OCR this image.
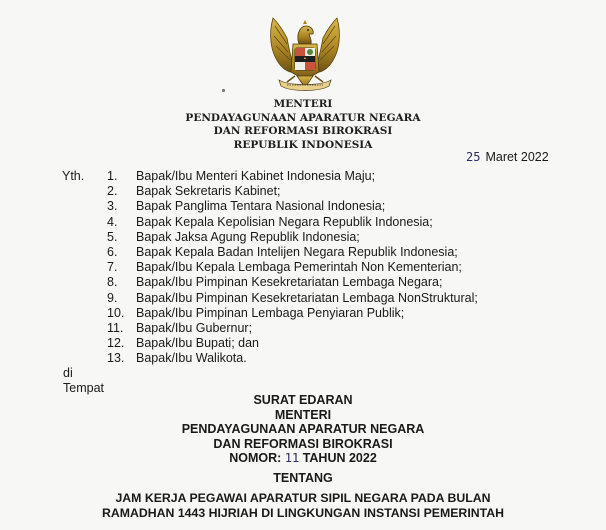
MENTERI
PENDAYAGUNAAN APARATUR NEGARA
DAN REFORMASI BIROKRASI
REPUBLIK INDONESIA
25 Maret 2022
Yth. 1. Bapak/Ibu Menteri Kabinet Indonesia Maju;
2. Bapak Sekretaris Kabinet;
3. Bapak Panglima Tentara Nasional Indonesia;
4. Bapak Kepala Kepolisian Negara Republik Indonesia;
5. Bapak Jaksa Agung Republik Indonesia;
6. Bapak Kepala Badan Intelijen Negara Republik Indonesia;
7. Bapak/Ibu Kepala Lembaga Pemerintah Non Kementerian;
8. Bapak/Ibu Pimpinan Kesekretariatan Lembaga Negara;
9. Bapak/Ibu Pimpinan Kesekretariatan Lembaga NonStruktural;
10. Bapak/Ibu Pimpinan Lembaga Penyiaran Publik;
11. Bapak/Ibu Gubernur;
12. Bapak/Ibu Bupati; dan
13. Bapak/Ibu Walikota.
di
Tempat
SURAT EDARAN
MENTERI
PENDAYAGUNAAN APARATUR NEGARA
DAN REFORMASI BIROKRASI
NOMOR: 11 TAHUN 2022
TENTANG
JAM KERJA PEGAWAI APARATUR SIPIL NEGARA PADA BULAN
RAMADHAN 1443 HIJRIAH DI LINGKUNGAN INSTANSI PEMERINTAH
